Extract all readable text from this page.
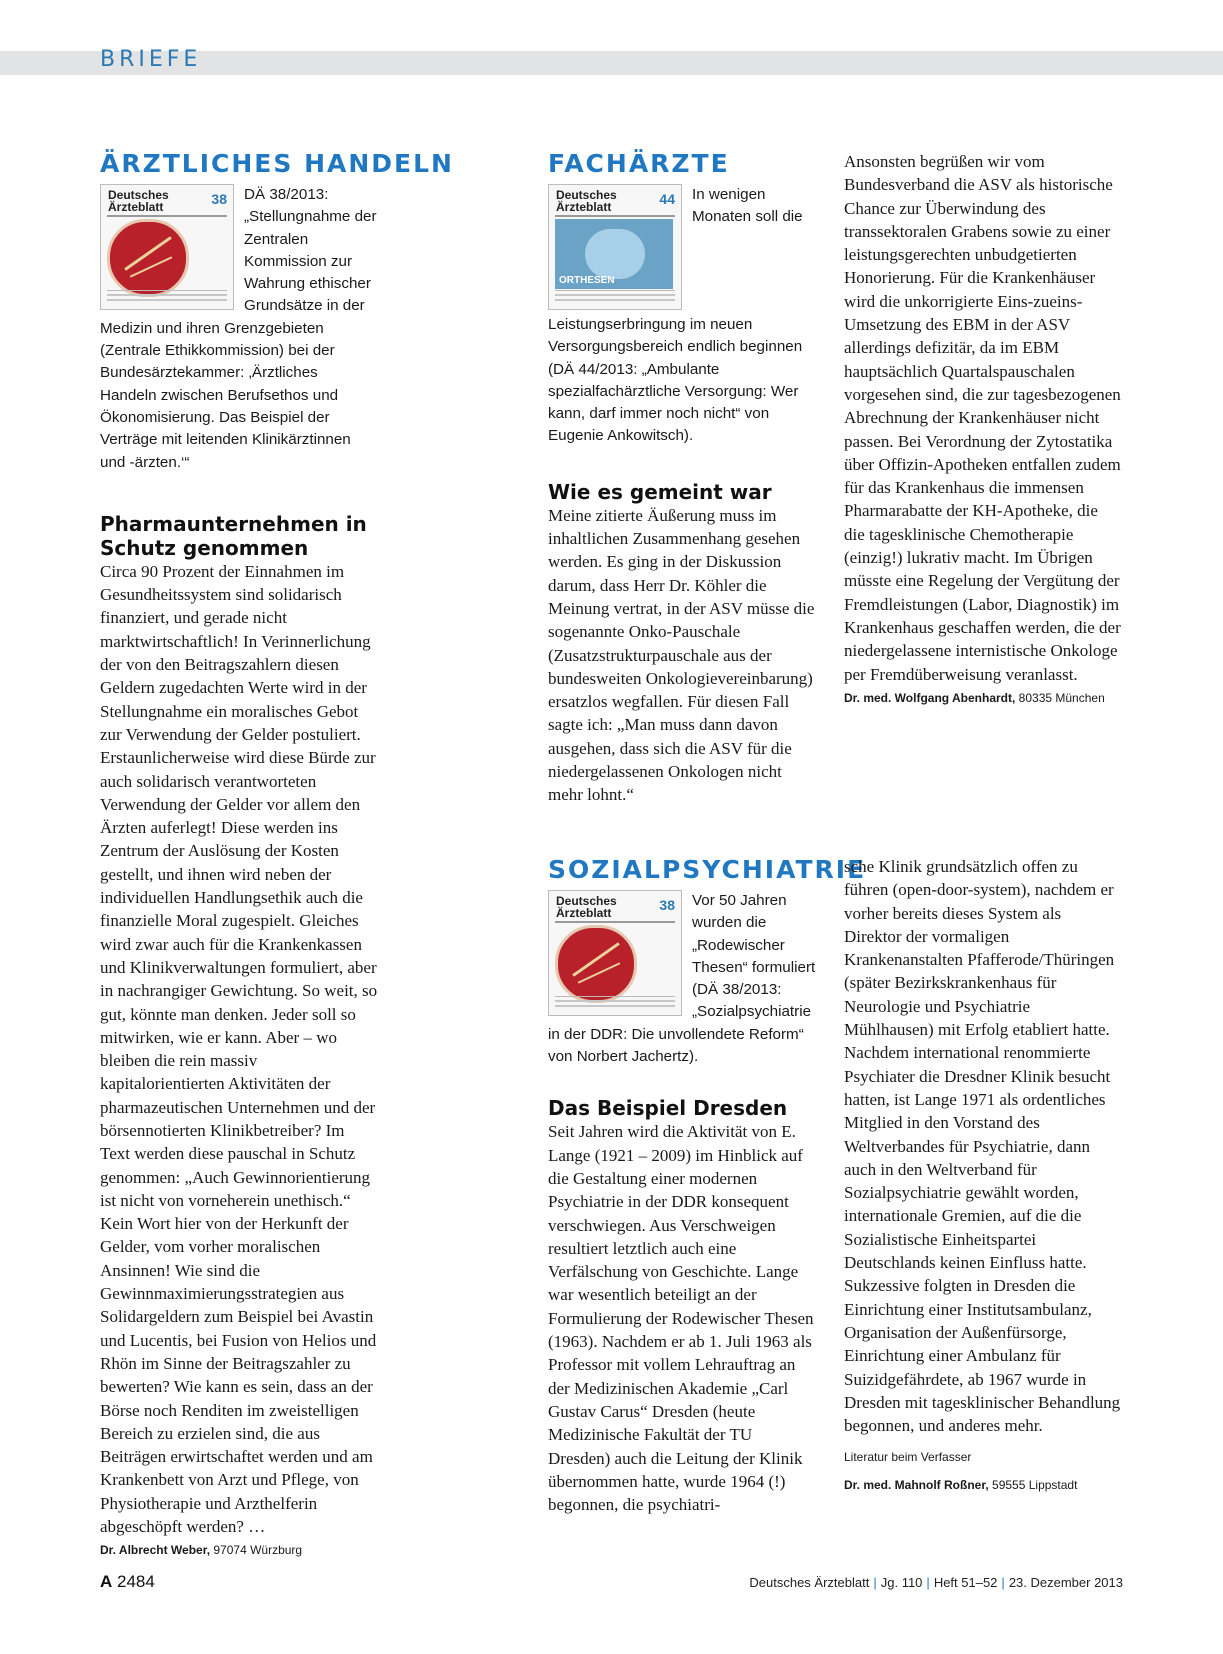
BRIEFE
ÄRZTLICHES HANDELN
Deutsches Ärzteblatt	38	DÄ 38/2013: „Stellungnahme der Zentralen Kommission zur Wahrung ethischer Grundsätze in der Medizin und ihren Grenzgebieten (Zentrale Ethikkommission) bei der Bundesärztekammer: ‚Ärztliches Handeln zwischen Berufsethos und Ökonomisierung. Das Beispiel der Verträge mit leitenden Klinikärztinnen und -ärzten.‘“
Pharmaunternehmen in Schutz genommen

Circa 90 Prozent der Einnahmen im Gesundheitssystem sind solidarisch finanziert, und gerade nicht marktwirtschaftlich! In Verinnerlichung der von den Beitragszahlern diesen Geldern zugedachten Werte wird in der Stellungnahme ein moralisches Gebot zur Verwendung der Gelder postuliert. Erstaunlicherweise wird diese Bürde zur auch solidarisch verantworteten Verwendung der Gelder vor allem den Ärzten auferlegt! Diese werden ins Zentrum der Auslösung der Kosten gestellt, und ihnen wird neben der individuellen Handlungsethik auch die finanzielle Moral zugespielt. Gleiches wird zwar auch für die Krankenkassen und Klinikverwaltungen formuliert, aber in nachrangiger Gewichtung. So weit, so gut, könnte man denken. Jeder soll so mitwirken, wie er kann. Aber – wo bleiben die rein massiv kapitalorientierten Aktivitäten der pharmazeutischen Unternehmen und der börsennotierten Klinikbetreiber? Im Text werden diese pauschal in Schutz genommen: „Auch Gewinnorientierung ist nicht von vorneherein unethisch.“ Kein Wort hier von der Herkunft der Gelder, vom vorher moralischen Ansinnen! Wie sind die Gewinnmaximierungsstrategien aus Solidargeldern zum Beispiel bei Avastin und Lucentis, bei Fusion von Helios und Rhön im Sinne der Beitragszahler zu bewerten? Wie kann es sein, dass an der Börse noch Renditen im zweistelligen Bereich zu erzielen sind, die aus Beiträgen erwirtschaftet werden und am Krankenbett von Arzt und Pflege, von Physiotherapie und Arzthelferin abgeschöpft werden? …

Dr. Albrecht Weber, 97074 Würzburg

FACHÄRZTE
Deutsches Ärzteblatt	44
ORTHESEN
In wenigen Monaten soll die Leistungserbringung im neuen Versorgungsbereich endlich beginnen (DÄ 44/2013: „Ambulante spezialfachärztliche Versorgung: Wer kann, darf immer noch nicht“ von Eugenie Ankowitsch).
Wie es gemeint war

Meine zitierte Äußerung muss im inhaltlichen Zusammenhang gesehen werden. Es ging in der Diskussion darum, dass Herr Dr. Köhler die Meinung vertrat, in der ASV müsse die sogenannte Onko-Pauschale (Zusatzstrukturpauschale aus der bundesweiten Onkologievereinbarung) ersatzlos wegfallen. Für diesen Fall sagte ich: „Man muss dann davon ausgehen, dass sich die ASV für die niedergelassenen Onkologen nicht mehr lohnt.“

Ansonsten begrüßen wir vom Bundesverband die ASV als historische Chance zur Überwindung des transsektoralen Grabens sowie zu einer leistungsgerechten unbudgetierten Honorierung. Für die Krankenhäuser wird die unkorrigierte Eins-zueins-Umsetzung des EBM in der ASV allerdings defizitär, da im EBM hauptsächlich Quartalspauschalen vorgesehen sind, die zur tagesbezogenen Abrechnung der Krankenhäuser nicht passen. Bei Verordnung der Zytostatika über Offizin-Apotheken entfallen zudem für das Krankenhaus die immensen Pharmarabatte der KH-Apotheke, die die tagesklinische Chemotherapie (einzig!) lukrativ macht. Im Übrigen müsste eine Regelung der Vergütung der Fremdleistungen (Labor, Diagnostik) im Krankenhaus geschaffen werden, die der niedergelassene internistische Onkologe per Fremdüberweisung veranlasst.

Dr. med. Wolfgang Abenhardt, 80335 München

SOZIALPSYCHIATRIE
Deutsches Ärzteblatt	38	Vor 50 Jahren wurden die „Rodewischer Thesen“ formuliert (DÄ 38/2013: „Sozialpsychiatrie in der DDR: Die unvollendete Reform“ von Norbert Jachertz).
Das Beispiel Dresden

Seit Jahren wird die Aktivität von E. Lange (1921 – 2009) im Hinblick auf die Gestaltung einer modernen Psychiatrie in der DDR konsequent verschwiegen. Aus Verschweigen resultiert letztlich auch eine Verfälschung von Geschichte. Lange war wesentlich beteiligt an der Formulierung der Rodewischer Thesen (1963). Nachdem er ab 1. Juli 1963 als Professor mit vollem Lehrauftrag an der Medizinischen Akademie „Carl Gustav Carus“ Dresden (heute Medizinische Fakultät der TU Dresden) auch die Leitung der Klinik übernommen hatte, wurde 1964 (!) begonnen, die psychiatri-

sche Klinik grundsätzlich offen zu führen (open-door-system), nachdem er vorher bereits dieses System als Direktor der vormaligen Krankenanstalten Pfafferode/Thüringen (später Bezirkskrankenhaus für Neurologie und Psychiatrie Mühlhausen) mit Erfolg etabliert hatte. Nachdem international renommierte Psychiater die Dresdner Klinik besucht hatten, ist Lange 1971 als ordentliches Mitglied in den Vorstand des Weltverbandes für Psychiatrie, dann auch in den Weltverband für Sozialpsychiatrie gewählt worden, internationale Gremien, auf die die Sozialistische Einheitspartei Deutschlands keinen Einfluss hatte. Sukzessive folgten in Dresden die Einrichtung einer Institutsambulanz, Organisation der Außenfürsorge, Einrichtung einer Ambulanz für Suizidgefährdete, ab 1967 wurde in Dresden mit tagesklinischer Behandlung begonnen, und anderes mehr.

Literatur beim Verfasser

Dr. med. Mahnolf Roßner, 59555 Lippstadt

A 2484	Deutsches Ärzteblatt | Jg. 110 | Heft 51–52 | 23. Dezember 2013
